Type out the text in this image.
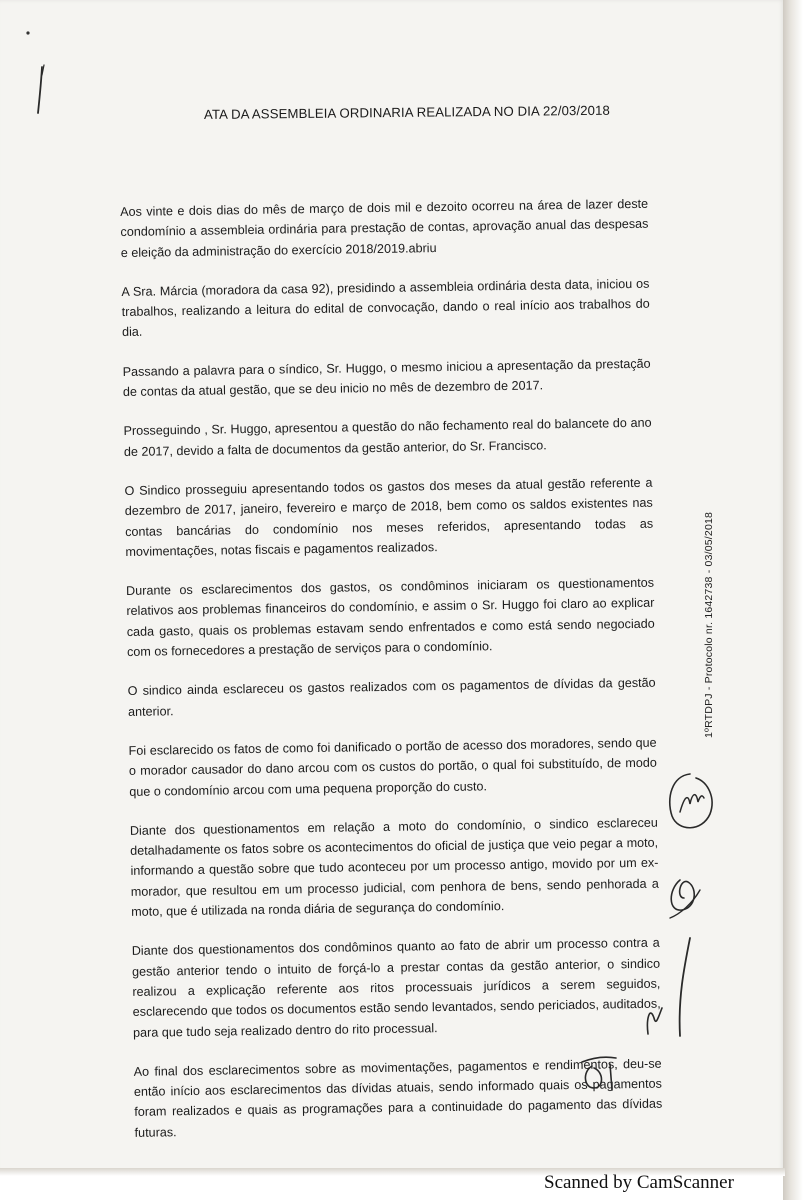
ATA DA ASSEMBLEIA ORDINARIA REALIZADA NO DIA 22/03/2018

Aos vinte e dois dias do mês de março de dois mil e dezoito ocorreu na área de lazer deste condomínio a assembleia ordinária para prestação de contas, aprovação anual das despesas e eleição da administração do exercício 2018/2019.abriu

A Sra. Márcia (moradora da casa 92), presidindo a assembleia ordinária desta data, iniciou os trabalhos, realizando a leitura do edital de convocação, dando o real início aos trabalhos do dia.

Passando a palavra para o síndico, Sr. Huggo, o mesmo iniciou a apresentação da prestação de contas da atual gestão, que se deu inicio no mês de dezembro de 2017.

Prosseguindo , Sr. Huggo, apresentou a questão do não fechamento real do balancete do ano de 2017, devido a falta de documentos da gestão anterior, do Sr. Francisco.

O Sindico prosseguiu apresentando todos os gastos dos meses da atual gestão referente a dezembro de 2017, janeiro, fevereiro e março de 2018, bem como os saldos existentes nas contas bancárias do condomínio nos meses referidos, apresentando todas as movimentações, notas fiscais e pagamentos realizados.

Durante os esclarecimentos dos gastos, os condôminos iniciaram os questionamentos relativos aos problemas financeiros do condomínio, e assim o Sr. Huggo foi claro ao explicar cada gasto, quais os problemas estavam sendo enfrentados e como está sendo negociado com os fornecedores a prestação de serviços para o condomínio.

O sindico ainda esclareceu os gastos realizados com os pagamentos de dívidas da gestão anterior.

Foi esclarecido os fatos de como foi danificado o portão de acesso dos moradores, sendo que o morador causador do dano arcou com os custos do portão, o qual foi substituído, de modo que o condomínio arcou com uma pequena proporção do custo.

Diante dos questionamentos em relação a moto do condomínio, o sindico esclareceu detalhadamente os fatos sobre os acontecimentos do oficial de justiça que veio pegar a moto, informando a questão sobre que tudo aconteceu por um processo antigo, movido por um ex-morador, que resultou em um processo judicial, com penhora de bens, sendo penhorada a moto, que é utilizada na ronda diária de segurança do condomínio.

Diante dos questionamentos dos condôminos quanto ao fato de abrir um processo contra a gestão anterior tendo o intuito de forçá-lo a prestar contas da gestão anterior, o sindico realizou a explicação referente aos ritos processuais jurídicos a serem seguidos, esclarecendo que todos os documentos estão sendo levantados, sendo periciados, auditados, para que tudo seja realizado dentro do rito processual.

Ao final dos esclarecimentos sobre as movimentações, pagamentos e rendimentos, deu-se então início aos esclarecimentos das dívidas atuais, sendo informado quais os pagamentos foram realizados e quais as programações para a continuidade do pagamento das dívidas futuras.

1ºRTDPJ - Protocolo nr. 1642738 - 03/05/2018
Scanned by CamScanner
